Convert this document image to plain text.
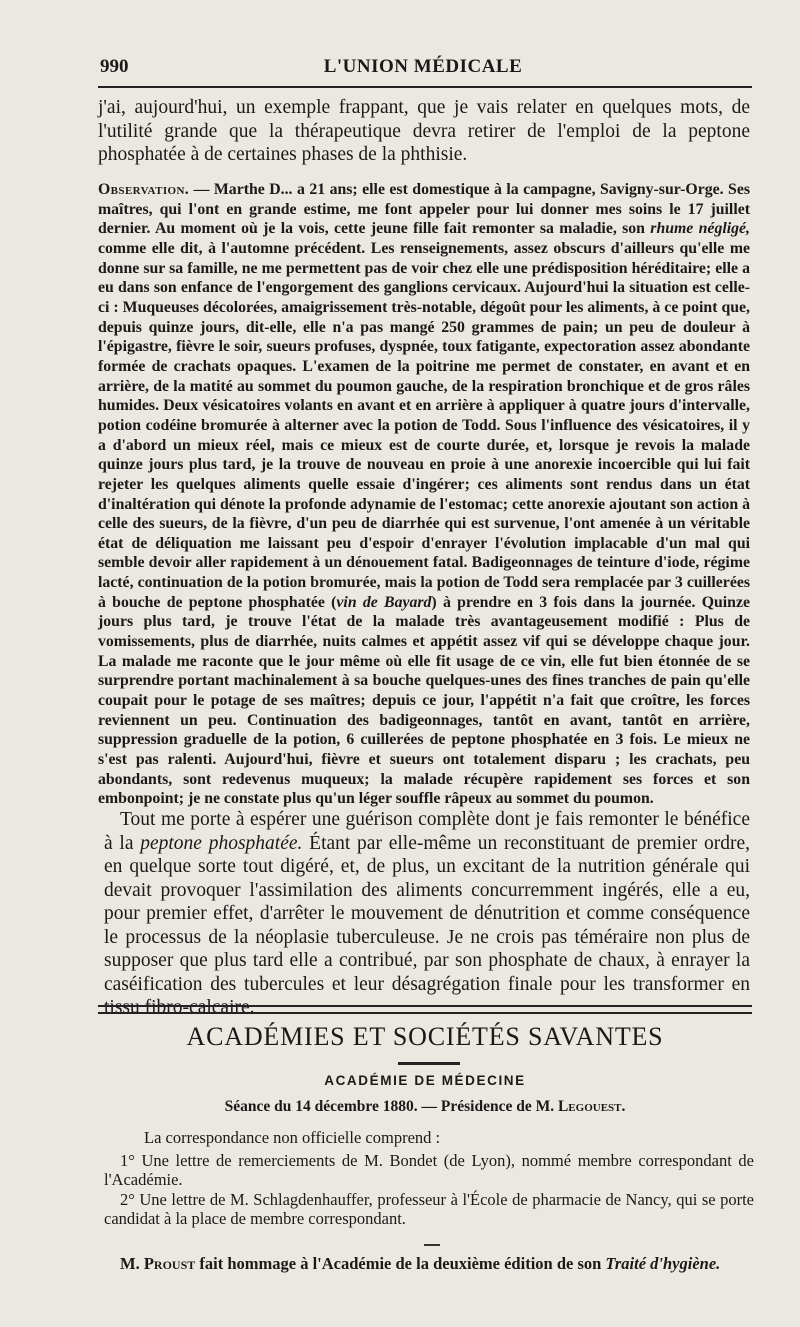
990	L'UNION MÉDICALE

j'ai, aujourd'hui, un exemple frappant, que je vais relater en quelques mots, de l'utilité grande que la thérapeutique devra retirer de l'emploi de la peptone phosphatée à de certaines phases de la phthisie.

Observation. — Marthe D... a 21 ans; elle est domestique à la campagne, Savigny-sur-Orge. Ses maîtres, qui l'ont en grande estime, me font appeler pour lui donner mes soins le 17 juillet dernier. Au moment où je la vois, cette jeune fille fait remonter sa maladie, son rhume négligé, comme elle dit, à l'automne précédent. Les renseignements, assez obscurs d'ailleurs qu'elle me donne sur sa famille, ne me permettent pas de voir chez elle une prédisposition héréditaire; elle a eu dans son enfance de l'engorgement des ganglions cervicaux. Aujourd'hui la situation est celle-ci : Muqueuses décolorées, amaigrissement très-notable, dégoût pour les aliments, à ce point que, depuis quinze jours, dit-elle, elle n'a pas mangé 250 grammes de pain; un peu de douleur à l'épigastre, fièvre le soir, sueurs profuses, dyspnée, toux fatigante, expectoration assez abondante formée de crachats opaques. L'examen de la poitrine me permet de constater, en avant et en arrière, de la matité au sommet du poumon gauche, de la respiration bronchique et de gros râles humides. Deux vésicatoires volants en avant et en arrière à appliquer à quatre jours d'intervalle, potion codéine bromurée à alterner avec la potion de Todd. Sous l'influence des vésicatoires, il y a d'abord un mieux réel, mais ce mieux est de courte durée, et, lorsque je revois la malade quinze jours plus tard, je la trouve de nouveau en proie à une anorexie incoercible qui lui fait rejeter les quelques aliments quelle essaie d'ingérer; ces aliments sont rendus dans un état d'inaltération qui dénote la profonde adynamie de l'estomac; cette anorexie ajoutant son action à celle des sueurs, de la fièvre, d'un peu de diarrhée qui est survenue, l'ont amenée à un véritable état de déliquation me laissant peu d'espoir d'enrayer l'évolution implacable d'un mal qui semble devoir aller rapidement à un dénouement fatal. Badigeonnages de teinture d'iode, régime lacté, continuation de la potion bromurée, mais la potion de Todd sera remplacée par 3 cuillerées à bouche de peptone phosphatée (vin de Bayard) à prendre en 3 fois dans la journée. Quinze jours plus tard, je trouve l'état de la malade très avantageusement modifié : Plus de vomissements, plus de diarrhée, nuits calmes et appétit assez vif qui se développe chaque jour. La malade me raconte que le jour même où elle fit usage de ce vin, elle fut bien étonnée de se surprendre portant machinalement à sa bouche quelques-unes des fines tranches de pain qu'elle coupait pour le potage de ses maîtres; depuis ce jour, l'appétit n'a fait que croître, les forces reviennent un peu. Continuation des badigeonnages, tantôt en avant, tantôt en arrière, suppression graduelle de la potion, 6 cuillerées de peptone phosphatée en 3 fois. Le mieux ne s'est pas ralenti. Aujourd'hui, fièvre et sueurs ont totalement disparu ; les crachats, peu abondants, sont redevenus muqueux; la malade récupère rapidement ses forces et son embonpoint; je ne constate plus qu'un léger souffle râpeux au sommet du poumon.

Tout me porte à espérer une guérison complète dont je fais remonter le bénéfice à la peptone phosphatée. Étant par elle-même un reconstituant de premier ordre, en quelque sorte tout digéré, et, de plus, un excitant de la nutrition générale qui devait provoquer l'assimilation des aliments concurremment ingérés, elle a eu, pour premier effet, d'arrêter le mouvement de dénutrition et comme conséquence le processus de la néoplasie tuberculeuse. Je ne crois pas téméraire non plus de supposer que plus tard elle a contribué, par son phosphate de chaux, à enrayer la caséification des tubercules et leur désagrégation finale pour les transformer en tissu fibro-calcaire.

ACADÉMIES ET SOCIÉTÉS SAVANTES
ACADÉMIE DE MÉDECINE
Séance du 14 décembre 1880. — Présidence de M. Legouest.
La correspondance non officielle comprend :

1° Une lettre de remerciements de M. Bondet (de Lyon), nommé membre correspondant de l'Académie.

2° Une lettre de M. Schlagdenhauffer, professeur à l'École de pharmacie de Nancy, qui se porte candidat à la place de membre correspondant.

M. Proust fait hommage à l'Académie de la deuxième édition de son Traité d'hygiène.
